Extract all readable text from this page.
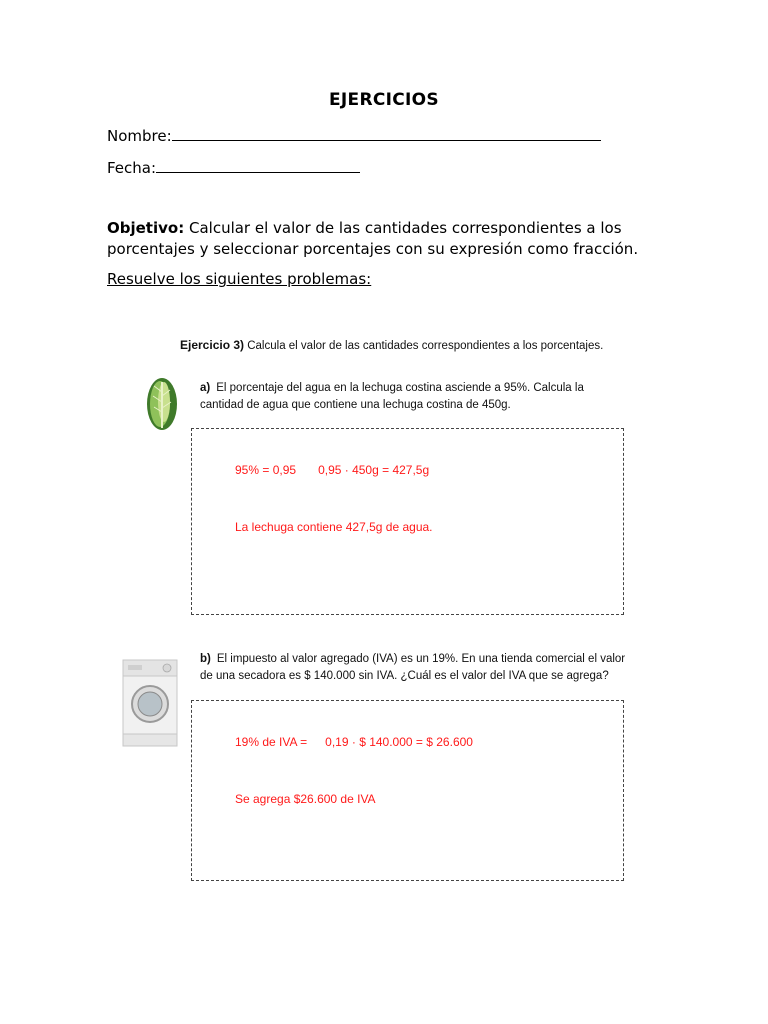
EJERCICIOS
Nombre:
Fecha:
Objetivo: Calcular el valor de las cantidades correspondientes a los porcentajes y seleccionar porcentajes con su expresión como fracción.
Resuelve los siguientes problemas:
Ejercicio 3) Calcula el valor de las cantidades correspondientes a los porcentajes.
a) El porcentaje del agua en la lechuga costina asciende a 95%. Calcula la cantidad de agua que contiene una lechuga costina de 450g.
95% = 0,95 0,95 · 450g = 427,5g
La lechuga contiene 427,5g de agua.
b) El impuesto al valor agregado (IVA) es un 19%. En una tienda comercial el valor de una secadora es $ 140.000 sin IVA. ¿Cuál es el valor del IVA que se agrega?
19% de IVA = 0,19 · $ 140.000 = $ 26.600
Se agrega $26.600 de IVA
